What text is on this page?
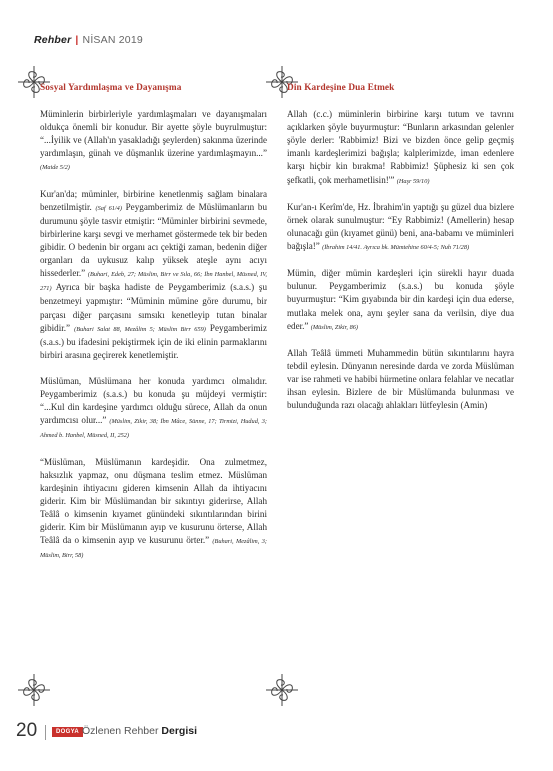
Rehber | NİSAN 2019
Sosyal Yardımlaşma ve Dayanışma

Müminlerin birbirleriyle yardımlaşmaları ve dayanışmaları oldukça önemli bir konudur. Bir ayette şöyle buyrulmuştur: “...İyilik ve (Allah'ın yasakladığı şeylerden) sakınma üzerinde yardımlaşın, günah ve düşmanlık üzerine yardımlaşmayın...” (Maide 5/2)

Kur'an'da; müminler, birbirine kenetlenmiş sağlam binalara benzetilmiştir. (Saf 61/4) Peygamberimiz de Müslümanların bu durumunu şöyle tasvir etmiştir: “Müminler birbirini sevmede, birbirlerine karşı sevgi ve merhamet göstermede tek bir beden gibidir. O bedenin bir organı acı çektiği zaman, bedenin diğer organları da uykusuz kalıp yüksek ateşle aynı acıyı hissederler.” (Buhari, Edeb, 27; Müslim, Birr ve Sıla, 66; İbn Hanbel, Müsned, IV, 271) Ayrıca bir başka hadiste de Peygamberimiz (s.a.s.) şu benzetmeyi yapmıştır: “Müminin mümine göre durumu, bir parçası diğer parçasını sımsıkı kenetleyip tutan binalar gibidir.” (Buhari Salat 88, Mezâlim 5; Müslim Birr 659) Peygamberimiz (s.a.s.) bu ifadesini pekiştirmek için de iki elinin parmaklarını birbiri arasına geçirerek kenetlemiştir.

Müslüman, Müslümana her konuda yardımcı olmalıdır. Peygamberimiz (s.a.s.) bu konuda şu müjdeyi vermiştir: “...Kul din kardeşine yardımcı olduğu sürece, Allah da onun yardımcısı olur...” (Müslim, Zikir, 38; İbn Mâce, Sünne, 17; Tirmizi, Hudud, 3; Ahmed b. Hanbel, Müsned, II, 252)

“Müslüman, Müslümanın kardeşidir. Ona zulmetmez, haksızlık yapmaz, onu düşmana teslim etmez. Müslüman kardeşinin ihtiyacını gideren kimsenin Allah da ihtiyacını giderir. Kim bir Müslümandan bir sıkıntıyı giderirse, Allah Teâlâ o kimsenin kıyamet günündeki sıkıntılarından birini giderir. Kim bir Müslümanın ayıp ve kusurunu örterse, Allah Teâlâ da o kimsenin ayıp ve kusurunu örter.” (Buhari, Mezâlim, 3; Müslim, Birr, 58)

Din Kardeşine Dua Etmek

Allah (c.c.) müminlerin birbirine karşı tutum ve tavrını açıklarken şöyle buyurmuştur: “Bunların arkasından gelenler şöyle derler: 'Rabbimiz! Bizi ve bizden önce gelip geçmiş imanlı kardeşlerimizi bağışla; kalplerimizde, iman edenlere karşı hiçbir kin bırakma! Rabbimiz! Şüphesiz ki sen çok şefkatli, çok merhametlisin!'” (Haşr 59/10)

Kur'an-ı Kerîm'de, Hz. İbrahim'in yaptığı şu güzel dua bizlere örnek olarak sunulmuştur: “Ey Rabbimiz! (Amellerin) hesap olunacağı gün (kıyamet günü) beni, ana-babamı ve müminleri bağışla!” (İbrahim 14/41. Ayrıca bk. Mümtehine 60/4-5; Nuh 71/28)

Mümin, diğer mümin kardeşleri için sürekli hayır duada bulunur. Peygamberimiz (s.a.s.) bu konuda şöyle buyurmuştur: “Kim gıyabında bir din kardeşi için dua ederse, mutlaka melek ona, aynı şeyler sana da verilsin, diye dua eder.” (Müslim, Zikir, 86)

Allah Teâlâ ümmeti Muhammedin bütün sıkıntılarını hayra tebdil eylesin. Dünyanın neresinde darda ve zorda Müslüman var ise rahmeti ve habibi hürmetine onlara felahlar ve necatlar ihsan eylesin. Bizlere de bir Müslümanda bulunması ve bulunduğunda razı olacağı ahlakları lütfeylesin (Amin)

20	DOGYA Özlenen Rehber Dergisi
